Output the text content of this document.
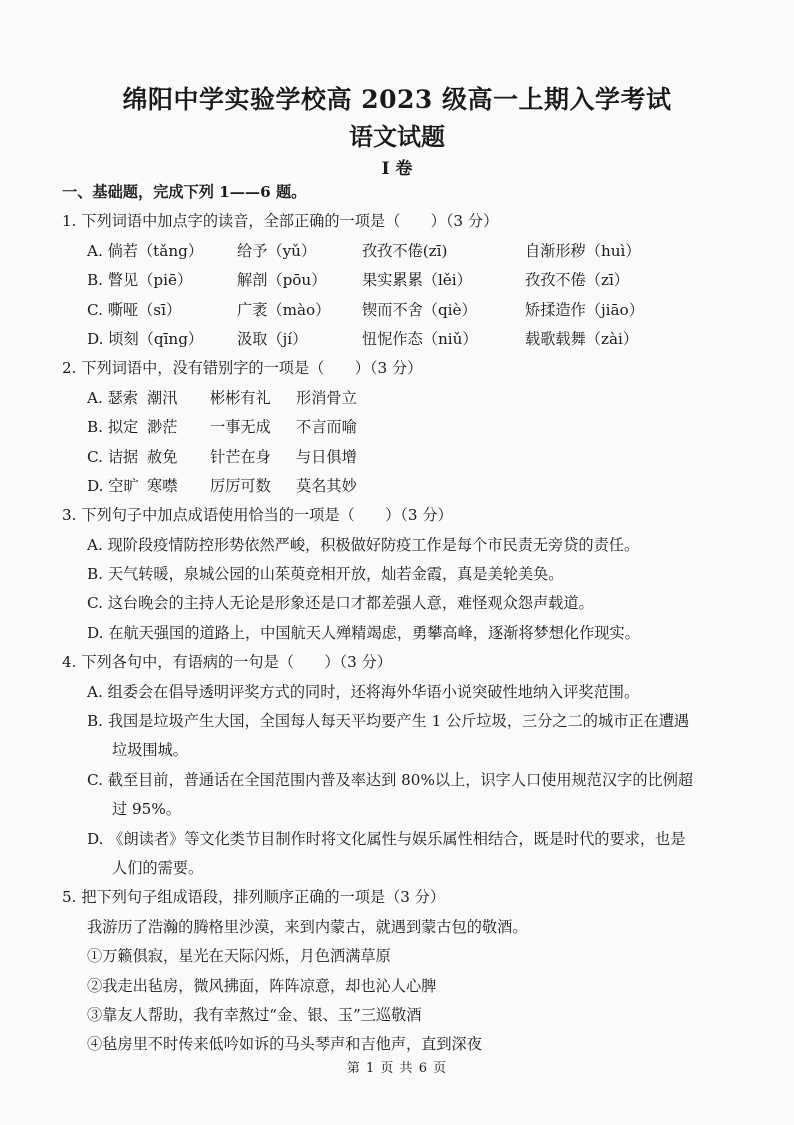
绵阳中学实验学校高 2023 级高一上期入学考试
语文试题
I 卷
一、基础题，完成下列 1——6 题。
1. 下列词语中加点字的读音，全部正确的一项是（　　）（3 分）
A. 倘若（tǎng）	给予（yǔ）	孜孜不倦(zī)	自渐形秽（huì）
B. 瞥见（piē）	解剖（pōu）	果实累累（lěi）	孜孜不倦（zī）
C. 嘶哑（sī）	广袤（mào）	锲而不舍（qiè）	矫揉造作（jiāo）
D. 顷刻（qīng）	汲取（jí）	忸怩作态（niǔ）	载歌载舞（zài）
2. 下列词语中，没有错别字的一项是（　　）（3 分）
A. 瑟索 潮汛	彬彬有礼	形消骨立
B. 拟定 渺茫	一事无成	不言而喻
C. 诘据 赦免	针芒在身	与日俱增
D. 空旷 寒噤	厉厉可数	莫名其妙
3. 下列句子中加点成语使用恰当的一项是（　　）（3 分）
A. 现阶段疫情防控形势依然严峻，积极做好防疫工作是每个市民责无旁贷的责任。
B. 天气转暖，泉城公园的山茱萸竞相开放，灿若金霞，真是美轮美奂。
C. 这台晚会的主持人无论是形象还是口才都差强人意，难怪观众怨声载道。
D. 在航天强国的道路上，中国航天人殚精竭虑，勇攀高峰，逐渐将梦想化作现实。
4. 下列各句中，有语病的一句是（　　）（3 分）
A. 组委会在倡导透明评奖方式的同时，还将海外华语小说突破性地纳入评奖范围。
B. 我国是垃圾产生大国，全国每人每天平均要产生 1 公斤垃圾，三分之二的城市正在遭遇
垃圾围城。
C. 截至目前，普通话在全国范围内普及率达到 80%以上，识字人口使用规范汉字的比例超
过 95%。
D. 《朗读者》等文化类节目制作时将文化属性与娱乐属性相结合，既是时代的要求，也是
人们的需要。
5. 把下列句子组成语段，排列顺序正确的一项是（3 分）
我游历了浩瀚的腾格里沙漠，来到内蒙古，就遇到蒙古包的敬酒。
①万籁俱寂，星光在天际闪烁，月色洒满草原
②我走出毡房，微风拂面，阵阵凉意，却也沁人心脾
③靠友人帮助，我有幸熬过“金、银、玉”三巡敬酒
④毡房里不时传来低吟如诉的马头琴声和吉他声，直到深夜
第 1 页 共 6 页
